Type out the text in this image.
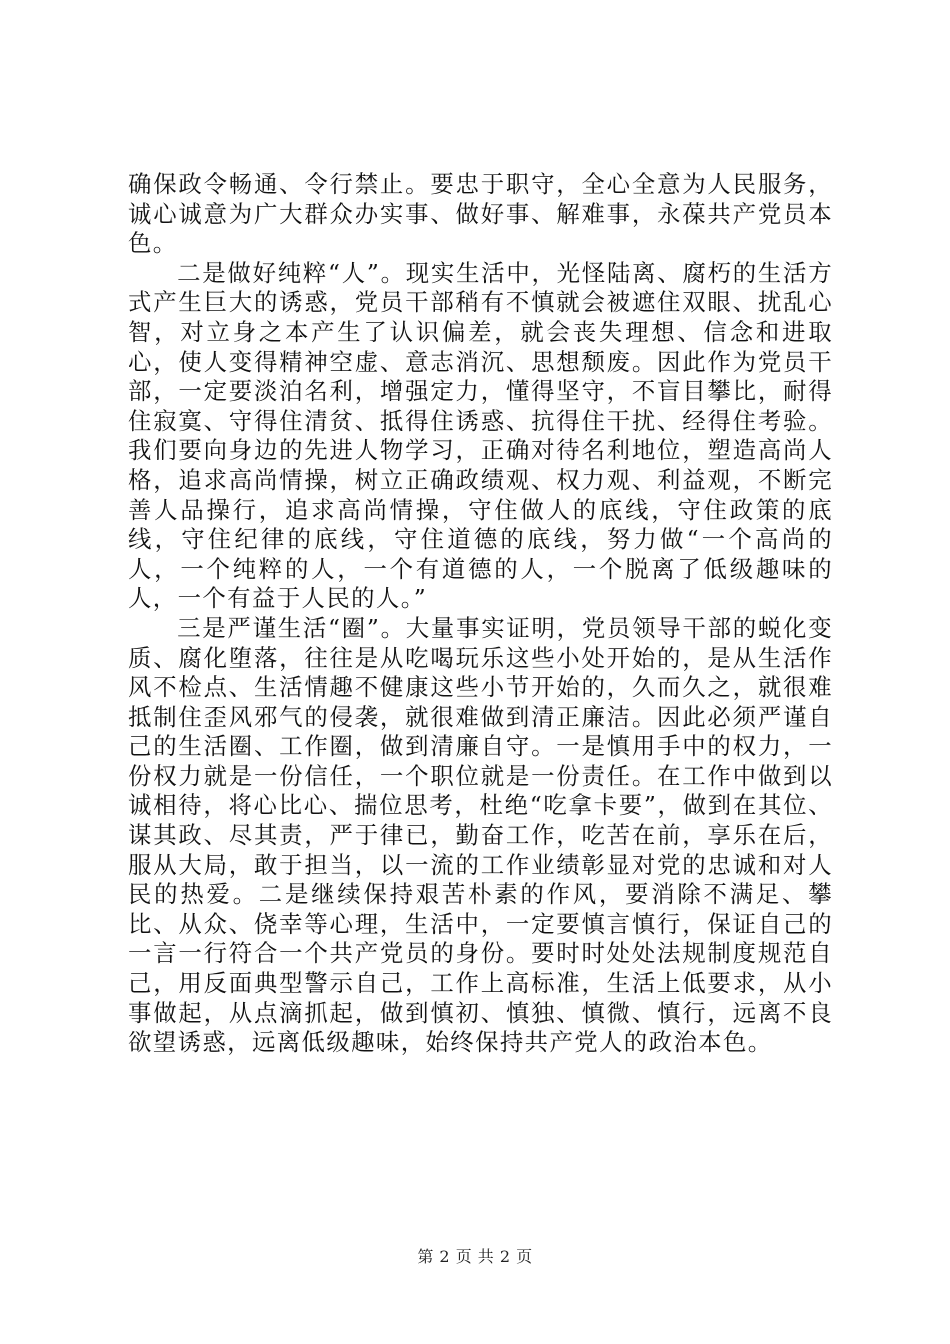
确保政令畅通、令行禁止。要忠于职守，全心全意为人民服务，诚心诚意为广大群众办实事、做好事、解难事，永葆共产党员本色。

二是做好纯粹“人”。现实生活中，光怪陆离、腐朽的生活方式产生巨大的诱惑，党员干部稍有不慎就会被遮住双眼、扰乱心智，对立身之本产生了认识偏差，就会丧失理想、信念和进取心，使人变得精神空虚、意志消沉、思想颓废。因此作为党员干部，一定要淡泊名利，增强定力，懂得坚守，不盲目攀比，耐得住寂寞、守得住清贫、抵得住诱惑、抗得住干扰、经得住考验。我们要向身边的先进人物学习，正确对待名利地位，塑造高尚人格，追求高尚情操，树立正确政绩观、权力观、利益观，不断完善人品操行，追求高尚情操，守住做人的底线，守住政策的底线，守住纪律的底线，守住道德的底线，努力做“一个高尚的人，一个纯粹的人，一个有道德的人，一个脱离了低级趣味的人，一个有益于人民的人。”

三是严谨生活“圈”。大量事实证明，党员领导干部的蜕化变质、腐化堕落，往往是从吃喝玩乐这些小处开始的，是从生活作风不检点、生活情趣不健康这些小节开始的，久而久之，就很难抵制住歪风邪气的侵袭，就很难做到清正廉洁。因此必须严谨自己的生活圈、工作圈，做到清廉自守。一是慎用手中的权力，一份权力就是一份信任，一个职位就是一份责任。在工作中做到以诚相待，将心比心、揣位思考，杜绝“吃拿卡要”，做到在其位、谋其政、尽其责，严于律已，勤奋工作，吃苦在前，享乐在后，服从大局，敢于担当，以一流的工作业绩彰显对党的忠诚和对人民的热爱。二是继续保持艰苦朴素的作风，要消除不满足、攀比、从众、侥幸等心理，生活中，一定要慎言慎行，保证自己的一言一行符合一个共产党员的身份。要时时处处法规制度规范自己，用反面典型警示自己，工作上高标准，生活上低要求，从小事做起，从点滴抓起，做到慎初、慎独、慎微、慎行，远离不良欲望诱惑，远离低级趣味，始终保持共产党人的政治本色。

第 2 页 共 2 页
